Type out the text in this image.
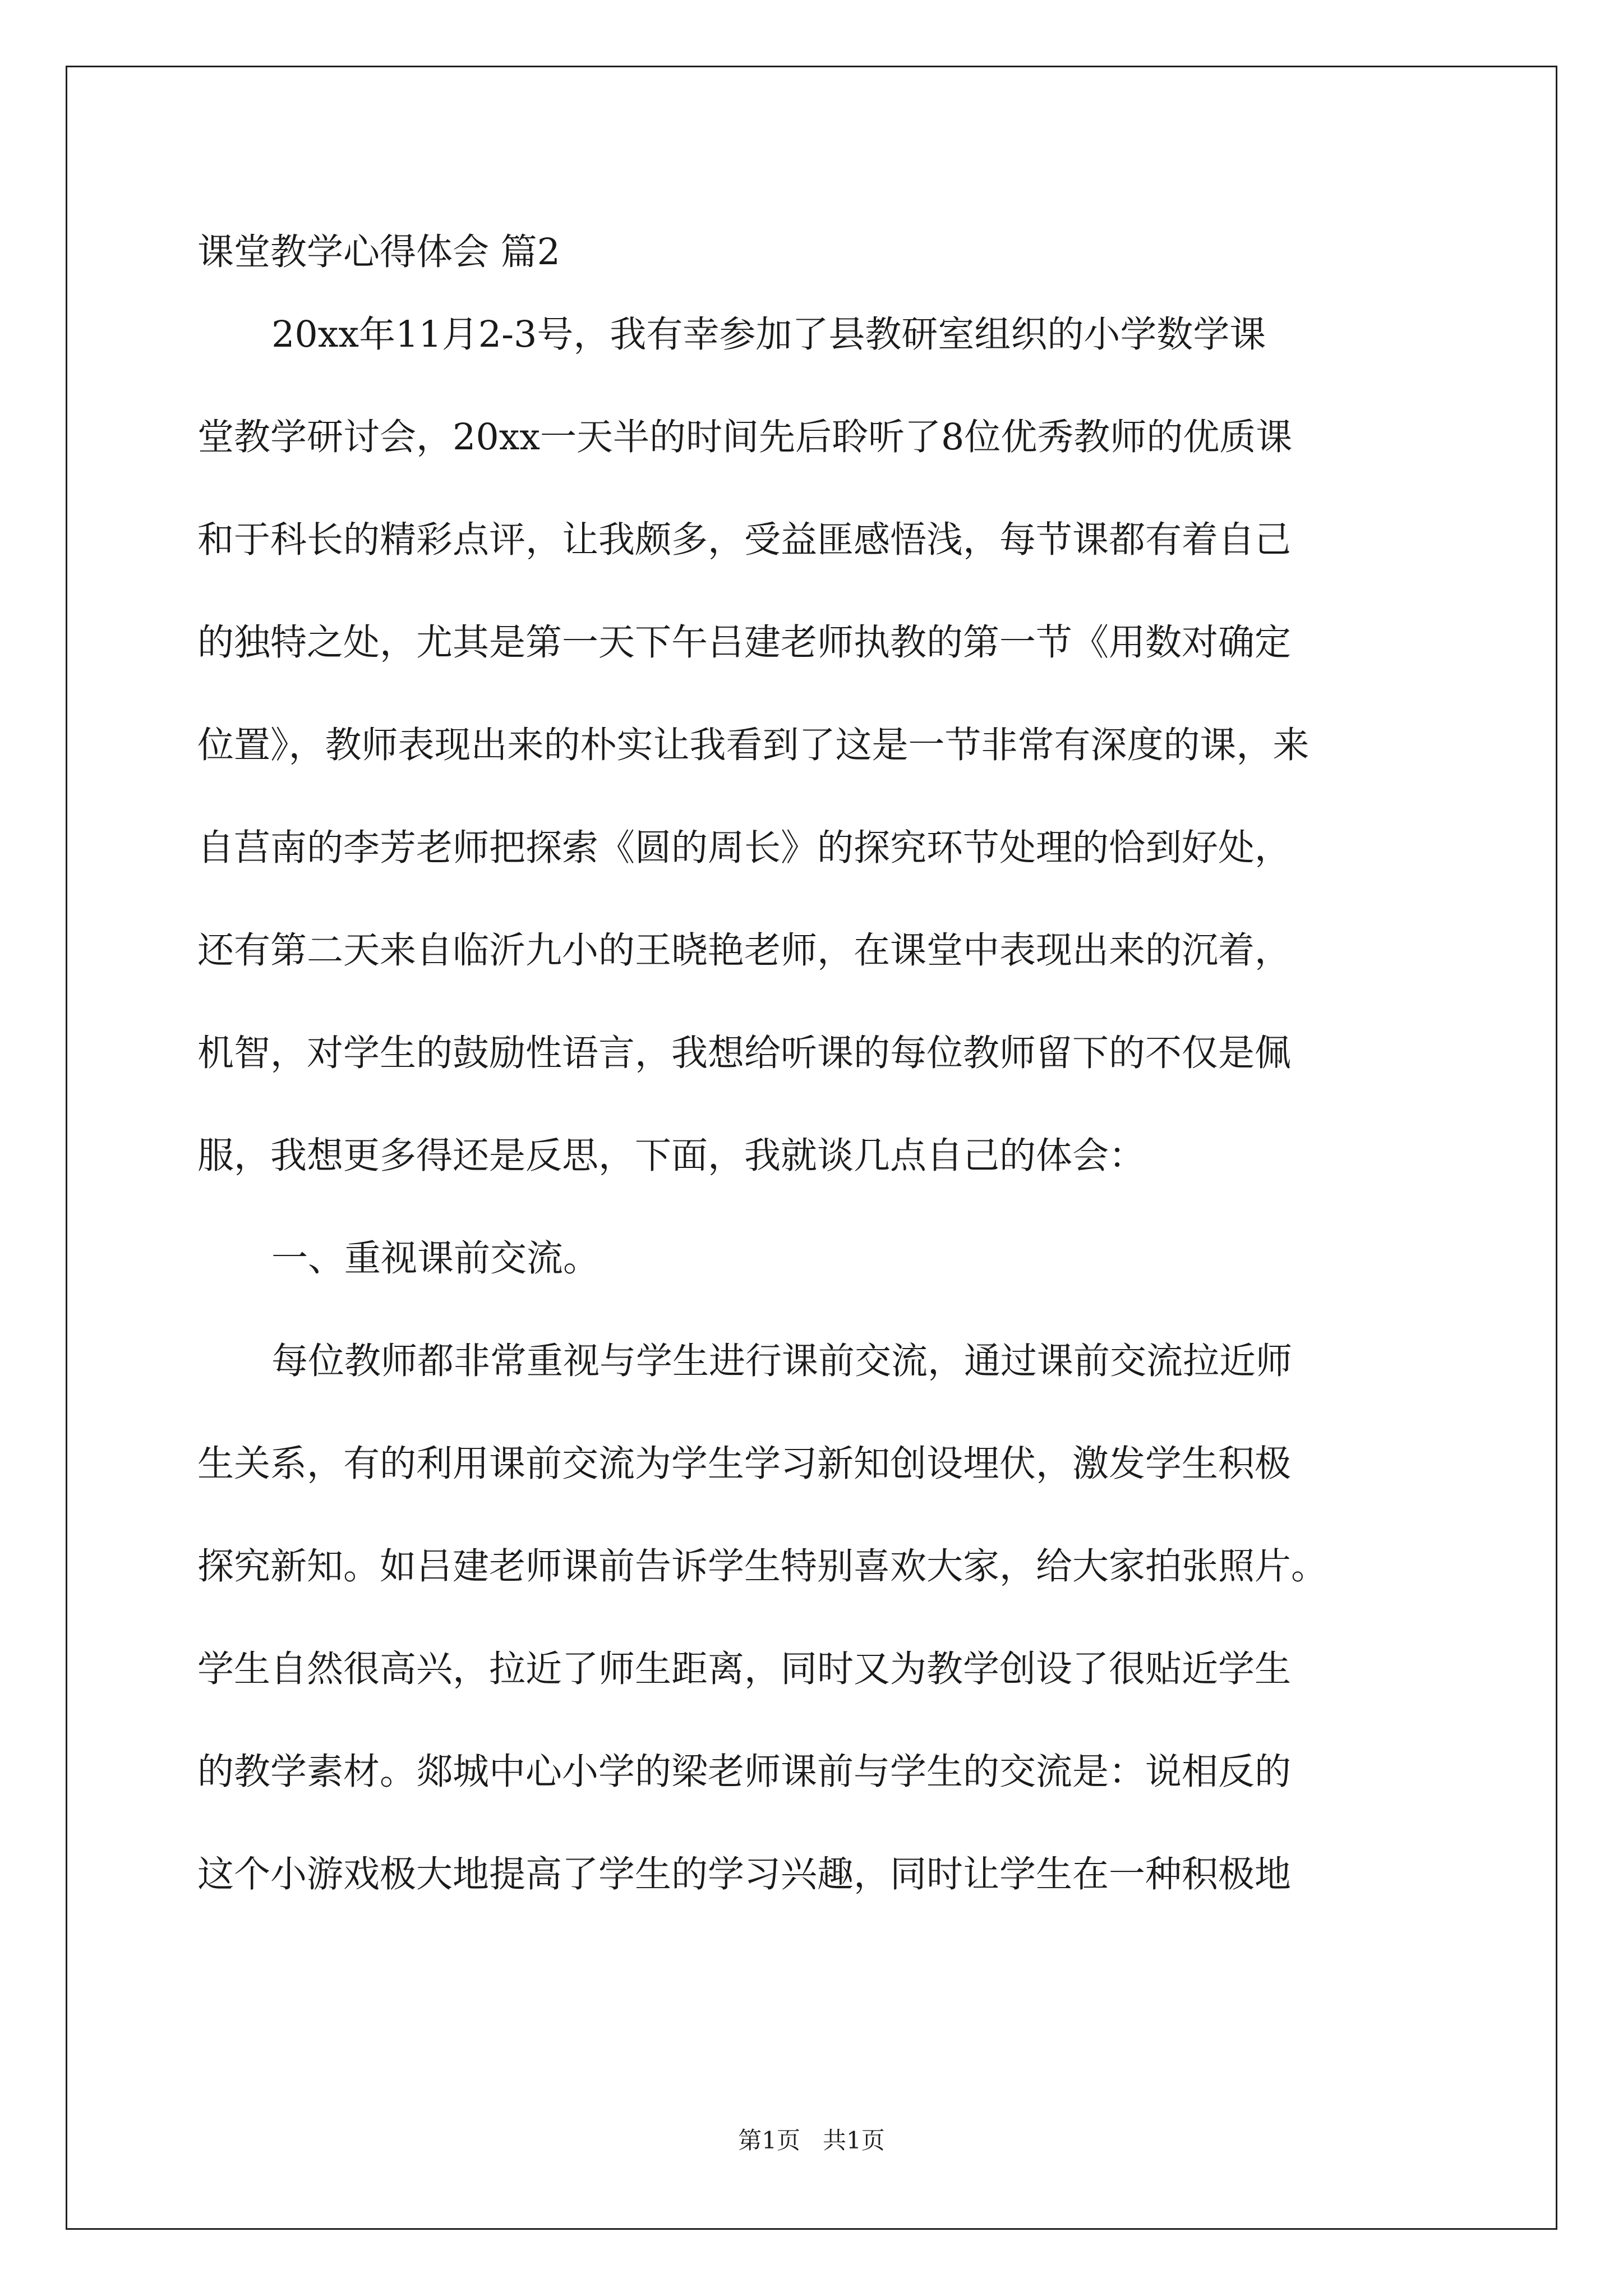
课堂教学心得体会 篇2
20xx年11月2-3号，我有幸参加了县教研室组织的小学数学课
堂教学研讨会，20xx一天半的时间先后聆听了8位优秀教师的优质课
和于科长的精彩点评，让我颇多，受益匪感悟浅，每节课都有着自己
的独特之处，尤其是第一天下午吕建老师执教的第一节《用数对确定
位置》，教师表现出来的朴实让我看到了这是一节非常有深度的课，来
自莒南的李芳老师把探索《圆的周长》的探究环节处理的恰到好处，
还有第二天来自临沂九小的王晓艳老师，在课堂中表现出来的沉着，
机智，对学生的鼓励性语言，我想给听课的每位教师留下的不仅是佩
服，我想更多得还是反思，下面，我就谈几点自己的体会：
一、重视课前交流。
每位教师都非常重视与学生进行课前交流，通过课前交流拉近师
生关系，有的利用课前交流为学生学习新知创设埋伏，激发学生积极
探究新知。如吕建老师课前告诉学生特别喜欢大家，给大家拍张照片。
学生自然很高兴，拉近了师生距离，同时又为教学创设了很贴近学生
的教学素材。郯城中心小学的梁老师课前与学生的交流是：说相反的
这个小游戏极大地提高了学生的学习兴趣，同时让学生在一种积极地
第1页 共1页
